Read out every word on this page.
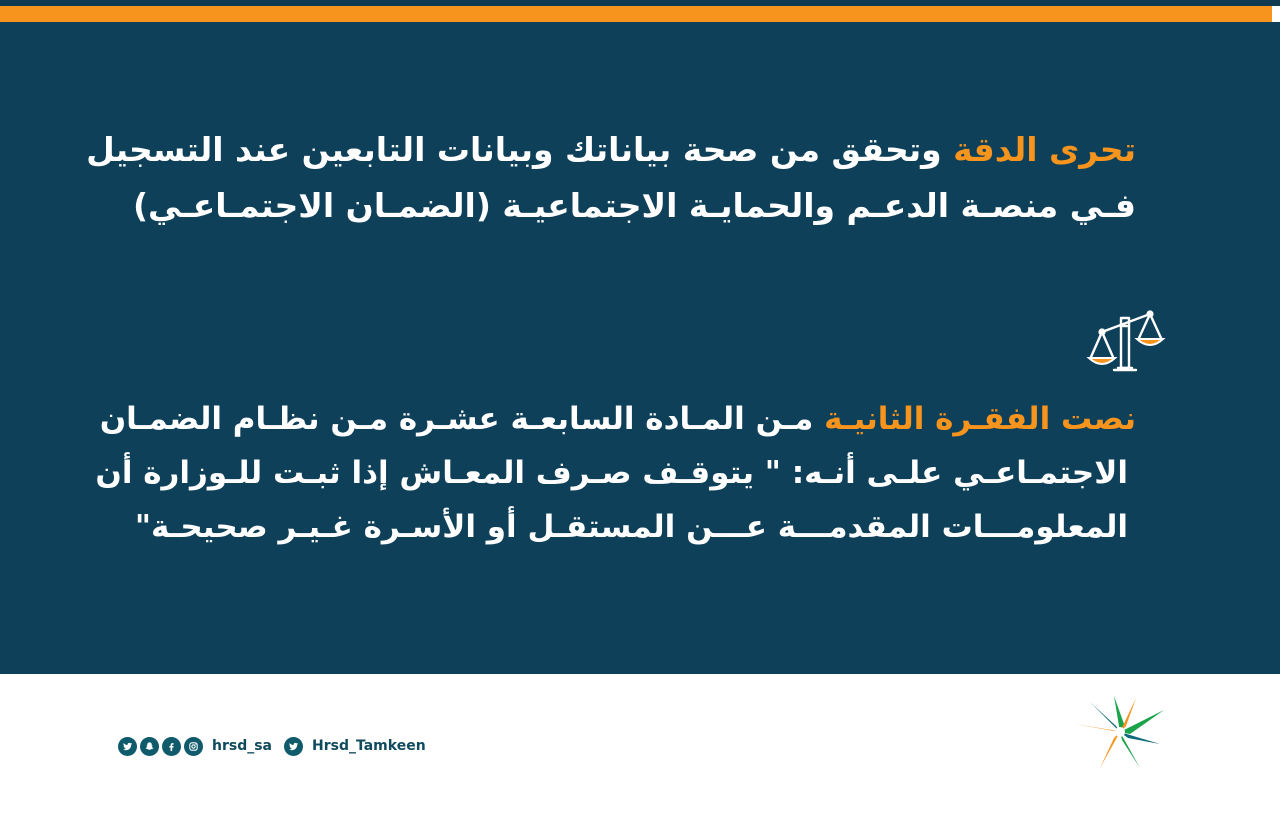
تحرى الدقة وتحقق من صحة بياناتك وبيانات التابعين عند التسجيل
فـي منصـة الدعـم والحمايـة الاجتماعيـة (الضمـان الاجتمـاعـي)
نصت الفقـرة الثانيـة مـن المـادة السابعـة عشـرة مـن نظـام الضمـان
الاجتمـاعـي علـى أنـه: " يتوقـف صـرف المعـاش إذا ثبـت للـوزارة أن
المعلومـــات المقدمـــة عـــن المستقـل أو الأسـرة غـيـر صحيحـة"
hrsd_sa	Hrsd_Tamkeen
